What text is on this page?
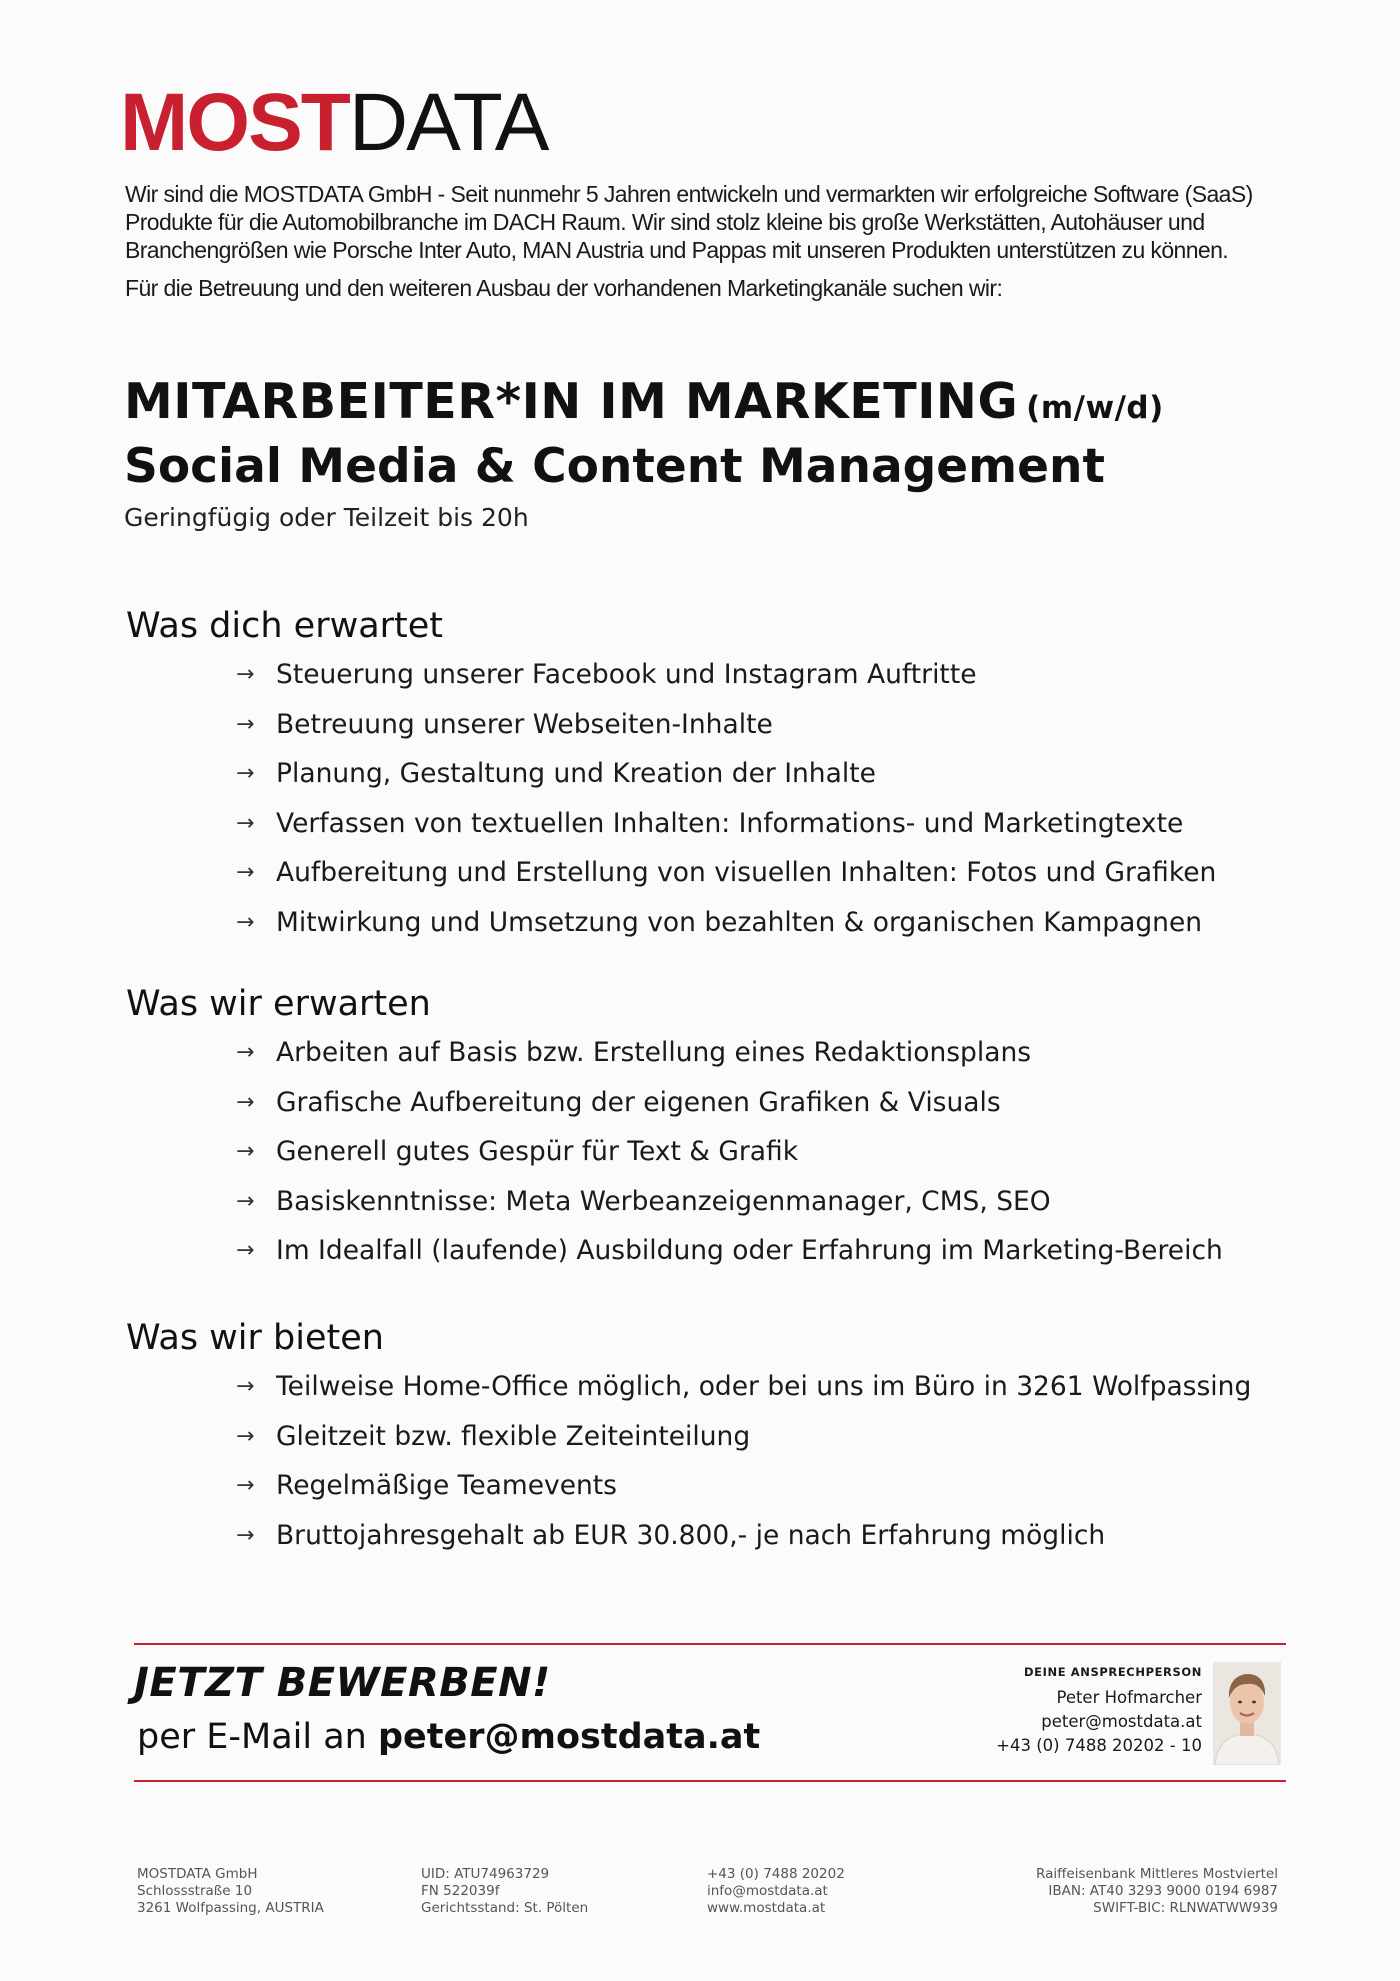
MOSTDATA

Wir sind die MOSTDATA GmbH - Seit nunmehr 5 Jahren entwickeln und vermarkten wir erfolgreiche Software (SaaS) Produkte für die Automobilbranche im DACH Raum. Wir sind stolz kleine bis große Werkstätten, Autohäuser und Branchengrößen wie Porsche Inter Auto, MAN Austria und Pappas mit unseren Produkten unterstützen zu können.

Für die Betreuung und den weiteren Ausbau der vorhandenen Marketingkanäle suchen wir:

MITARBEITER*IN IM MARKETING (m/w/d)
Social Media & Content Management
Geringfügig oder Teilzeit bis 20h
Was dich erwartet
→ Steuerung unserer Facebook und Instagram Auftritte
→ Betreuung unserer Webseiten-Inhalte
→ Planung, Gestaltung und Kreation der Inhalte
→ Verfassen von textuellen Inhalten: Informations- und Marketingtexte
→ Aufbereitung und Erstellung von visuellen Inhalten: Fotos und Grafiken
→ Mitwirkung und Umsetzung von bezahlten & organischen Kampagnen
Was wir erwarten
→ Arbeiten auf Basis bzw. Erstellung eines Redaktionsplans
→ Grafische Aufbereitung der eigenen Grafiken & Visuals
→ Generell gutes Gespür für Text & Grafik
→ Basiskenntnisse: Meta Werbeanzeigenmanager, CMS, SEO
→ Im Idealfall (laufende) Ausbildung oder Erfahrung im Marketing-Bereich
Was wir bieten
→ Teilweise Home-Office möglich, oder bei uns im Büro in 3261 Wolfpassing
→ Gleitzeit bzw. flexible Zeiteinteilung
→ Regelmäßige Teamevents
→ Bruttojahresgehalt ab EUR 30.800,- je nach Erfahrung möglich
JETZT BEWERBEN!
per E-Mail an peter@mostdata.at
DEINE ANSPRECHPERSON
Peter Hofmarcher
peter@mostdata.at
+43 (0) 7488 20202 - 10
MOSTDATA GmbH
Schlossstraße 10
3261 Wolfpassing, AUSTRIA
UID: ATU74963729
FN 522039f
Gerichtsstand: St. Pölten
+43 (0) 7488 20202
info@mostdata.at
www.mostdata.at
Raiffeisenbank Mittleres Mostviertel
IBAN: AT40 3293 9000 0194 6987
SWIFT-BIC: RLNWATWW939
